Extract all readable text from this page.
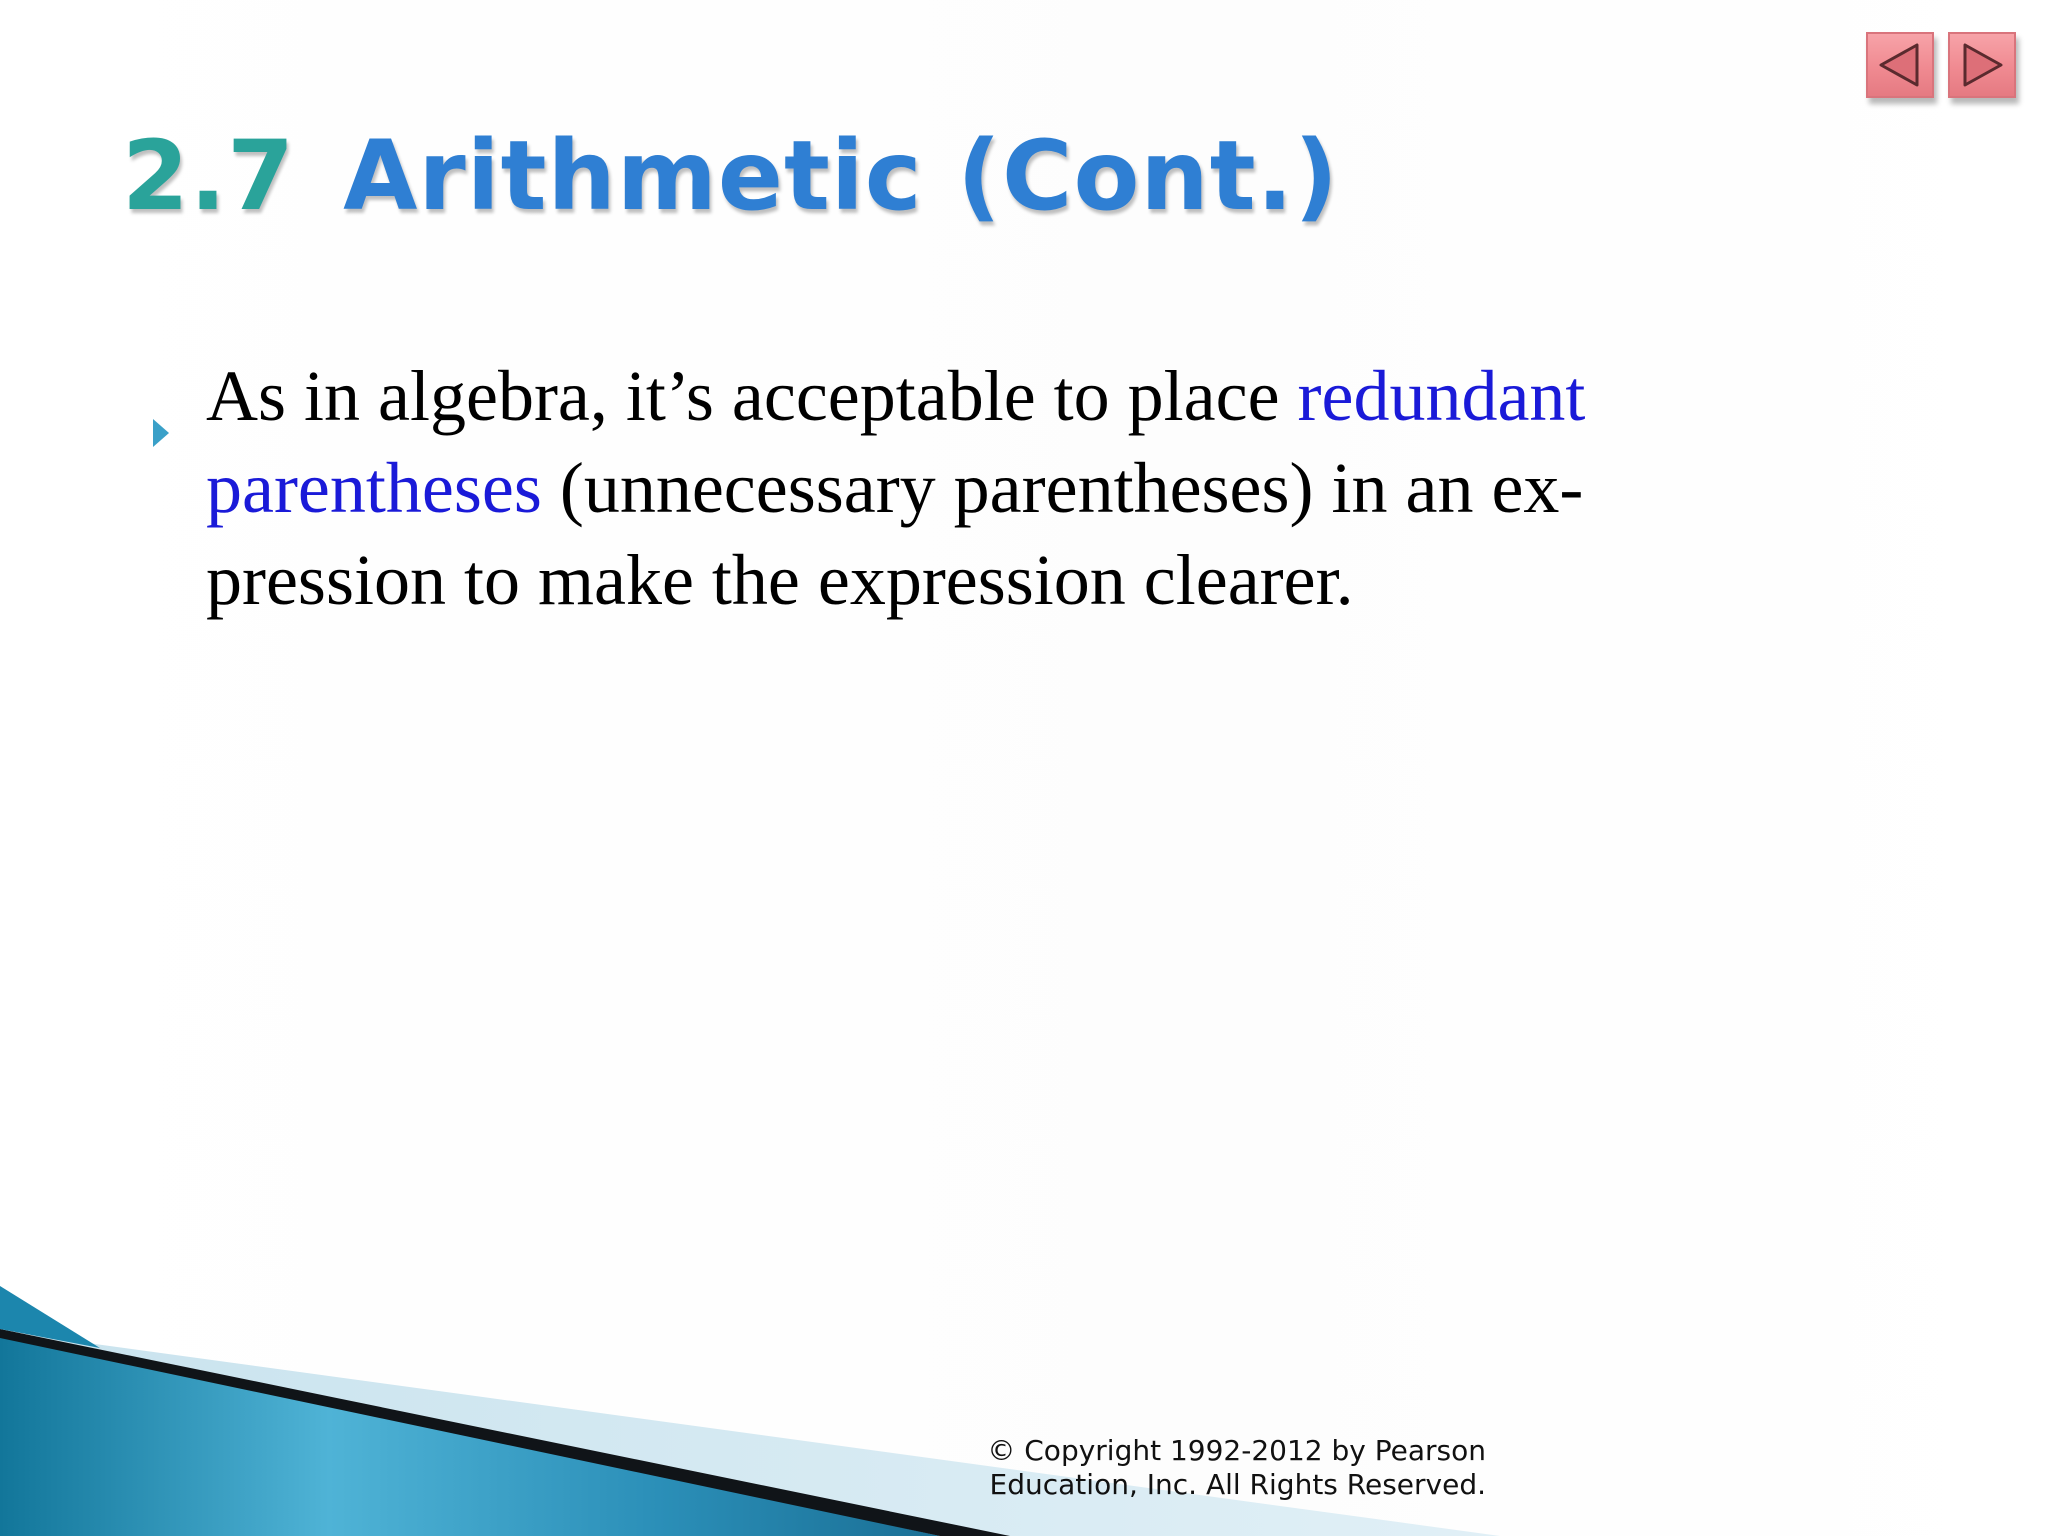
2.7 Arithmetic (Cont.)
As in algebra, it’s acceptable to place redundant
parentheses (unnecessary parentheses) in an ex-
pression to make the expression clearer.
© Copyright 1992-2012 by Pearson
Education, Inc. All Rights Reserved.
